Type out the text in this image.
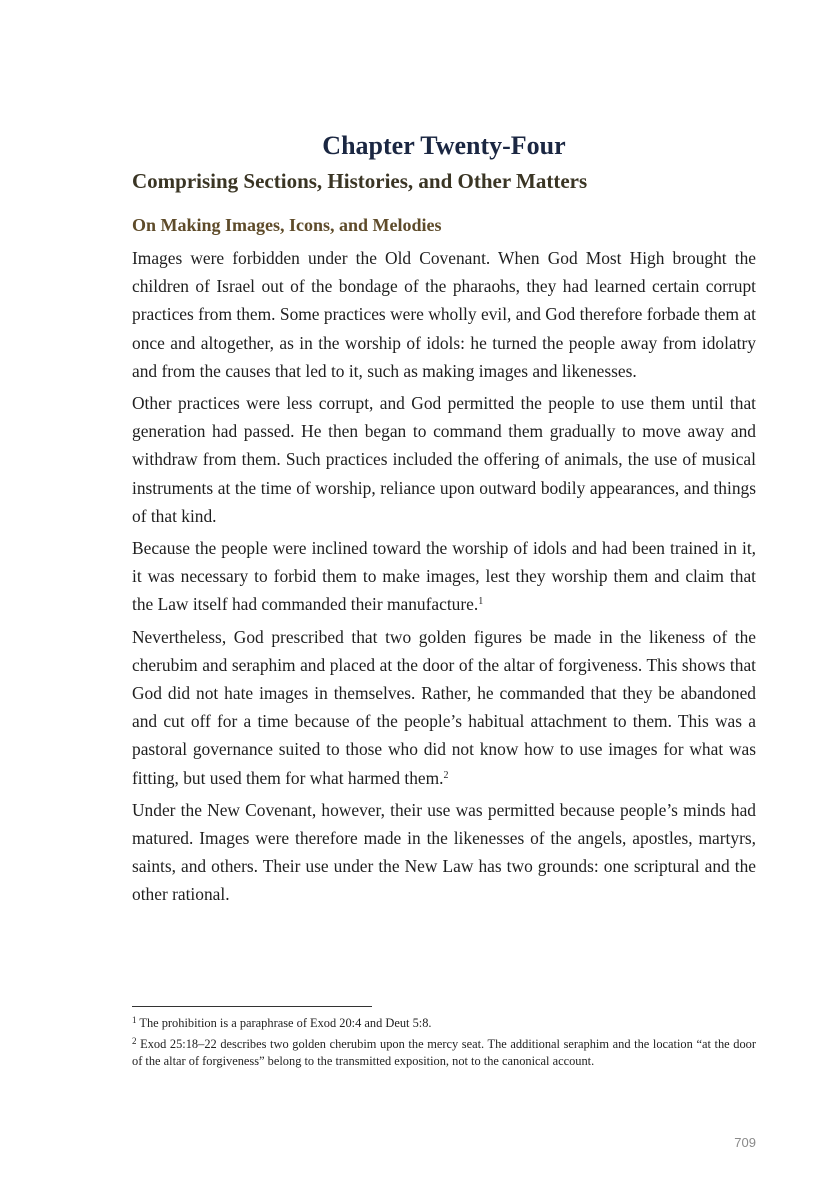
Chapter Twenty-Four
Comprising Sections, Histories, and Other Matters
On Making Images, Icons, and Melodies

Images were forbidden under the Old Covenant. When God Most High brought the children of Israel out of the bondage of the pharaohs, they had learned certain corrupt practices from them. Some practices were wholly evil, and God therefore forbade them at once and altogether, as in the worship of idols: he turned the people away from idolatry and from the causes that led to it, such as making images and likenesses.

Other practices were less corrupt, and God permitted the people to use them until that generation had passed. He then began to command them gradually to move away and withdraw from them. Such practices included the offering of animals, the use of musical instruments at the time of worship, reliance upon outward bodily appearances, and things of that kind.

Because the people were inclined toward the worship of idols and had been trained in it, it was necessary to forbid them to make images, lest they worship them and claim that the Law itself had commanded their manufacture.$^1$

Nevertheless, God prescribed that two golden figures be made in the likeness of the cherubim and seraphim and placed at the door of the altar of forgiveness. This shows that God did not hate images in themselves. Rather, he commanded that they be abandoned and cut off for a time because of the people’s habitual attachment to them. This was a pastoral governance suited to those who did not know how to use images for what was fitting, but used them for what harmed them.$^2$

Under the New Covenant, however, their use was permitted because people’s minds had matured. Images were therefore made in the likenesses of the angels, apostles, martyrs, saints, and others. Their use under the New Law has two grounds: one scriptural and the other rational.

$^1$ The prohibition is a paraphrase of Exod 20:4 and Deut 5:8.

$^2$ Exod 25:18–22 describes two golden cherubim upon the mercy seat. The additional seraphim and the location “at the door of the altar of forgiveness” belong to the transmitted exposition, not to the canonical account.

709
